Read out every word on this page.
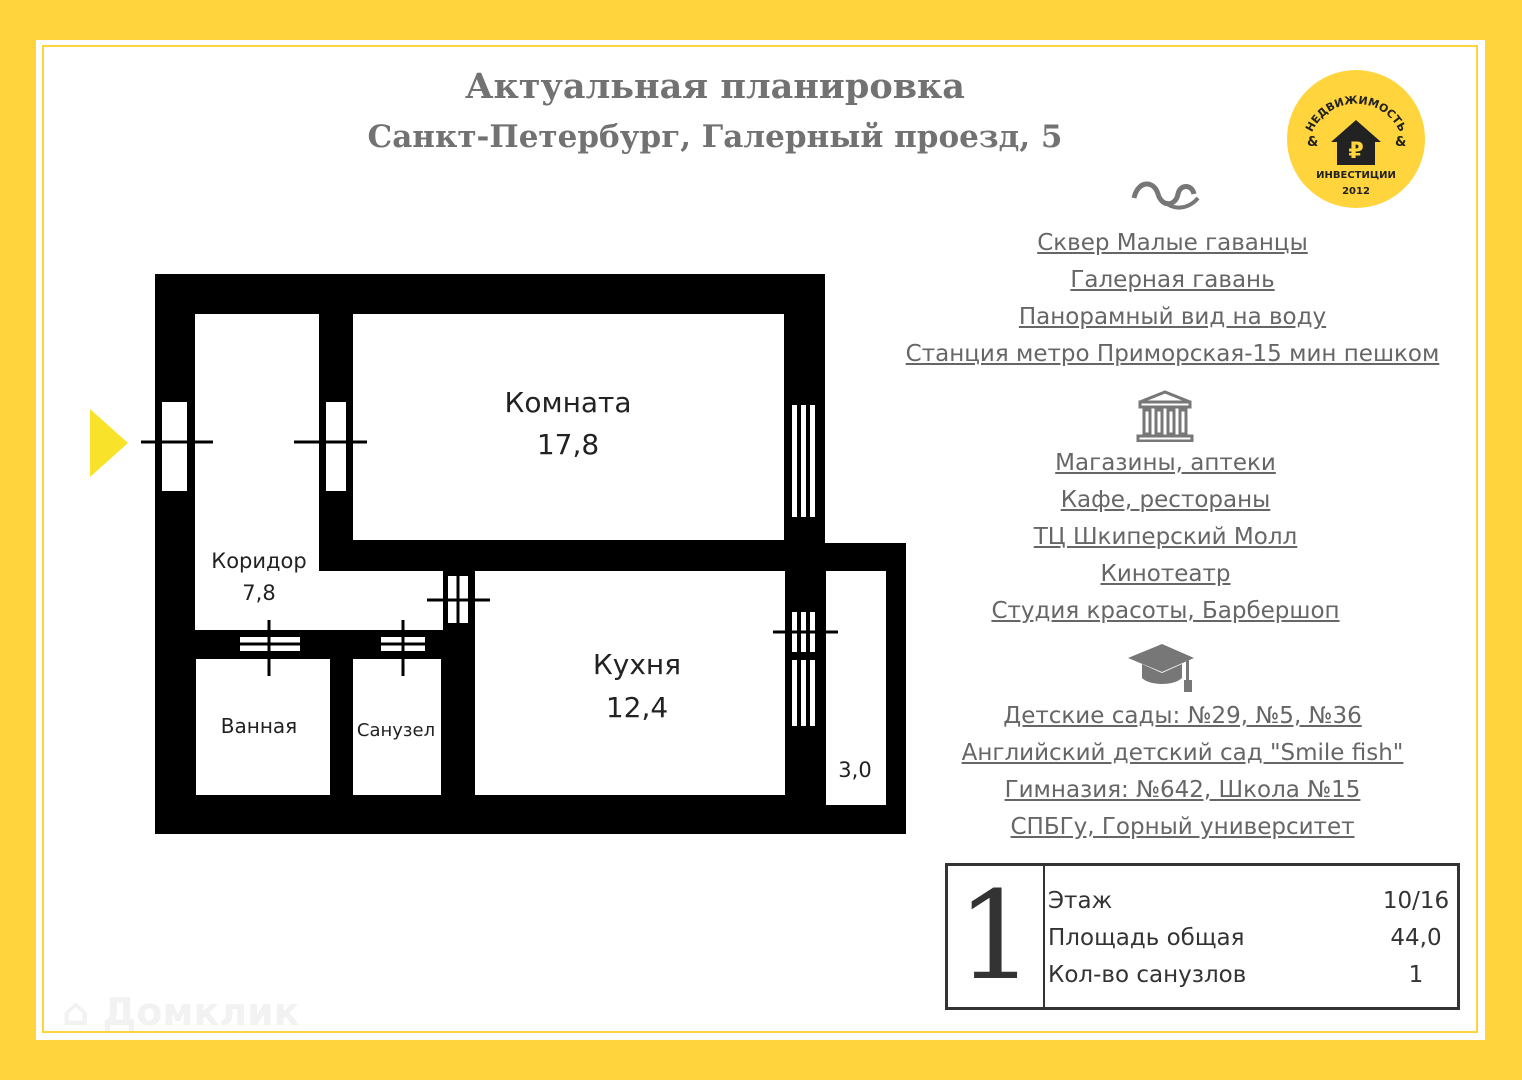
Актуальная планировка
Санкт-Петербург, Галерный проезд, 5	НЕДВИЖИМОСТЬ
₽
&	&
ИНВЕСТИЦИИ
2012
Сквер Малые гаванцы
Галерная гавань
Панорамный вид на воду
Станция метро Приморская-15 мин пешком
Магазины, аптеки
Кафе, рестораны
ТЦ Шкиперский Молл
Кинотеатр
Студия красоты, Барбершоп
Детские сады: №29, №5, №36
Английский детский сад "Smile fish"
Гимназия: №642, Школа №15
СПБГу, Горный университет
Комната
17,8
Коридор
7,8
Кухня
12,4
Ванная	Санузел
3,0
1 Этаж	10/16
Площадь общая	44,0
Кол-во санузлов	1
⌂ Домклик
